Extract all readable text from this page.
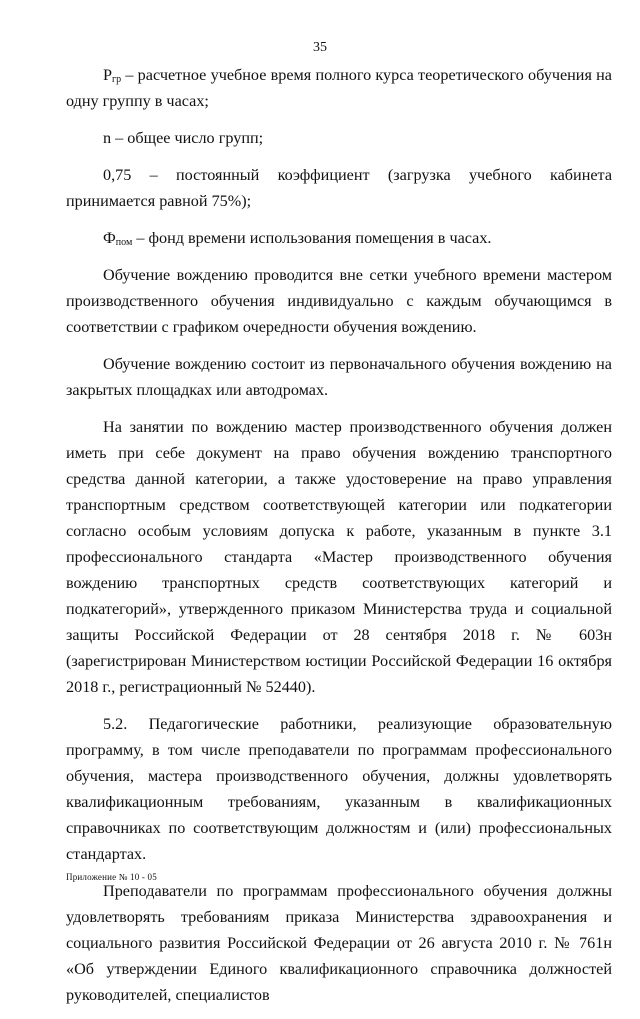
35

$P_{гр}$ – расчетное учебное время полного курса теоретического обучения на одну группу в часах;

n – общее число групп;

0,75 – постоянный коэффициент (загрузка учебного кабинета принимается равной 75%);

$Ф_{пом}$ – фонд времени использования помещения в часах.

Обучение вождению проводится вне сетки учебного времени мастером производственного обучения индивидуально с каждым обучающимся в соответствии с графиком очередности обучения вождению.

Обучение вождению состоит из первоначального обучения вождению на закрытых площадках или автодромах.

На занятии по вождению мастер производственного обучения должен иметь при себе документ на право обучения вождению транспортного средства данной категории, а также удостоверение на право управления транспортным средством соответствующей категории или подкатегории согласно особым условиям допуска к работе, указанным в пункте 3.1 профессионального стандарта «Мастер производственного обучения вождению транспортных средств соответствующих категорий и подкатегорий», утвержденного приказом Министерства труда и социальной защиты Российской Федерации от 28 сентября 2018 г. № 603н (зарегистрирован Министерством юстиции Российской Федерации 16 октября 2018 г., регистрационный № 52440).

5.2. Педагогические работники, реализующие образовательную программу, в том числе преподаватели по программам профессионального обучения, мастера производственного обучения, должны удовлетворять квалификационным требованиям, указанным в квалификационных справочниках по соответствующим должностям и (или) профессиональных стандартах.

Преподаватели по программам профессионального обучения должны удовлетворять требованиям приказа Министерства здравоохранения и социального развития Российской Федерации от 26 августа 2010 г. № 761н «Об утверждении Единого квалификационного справочника должностей руководителей, специалистов

Приложение № 10 - 05
